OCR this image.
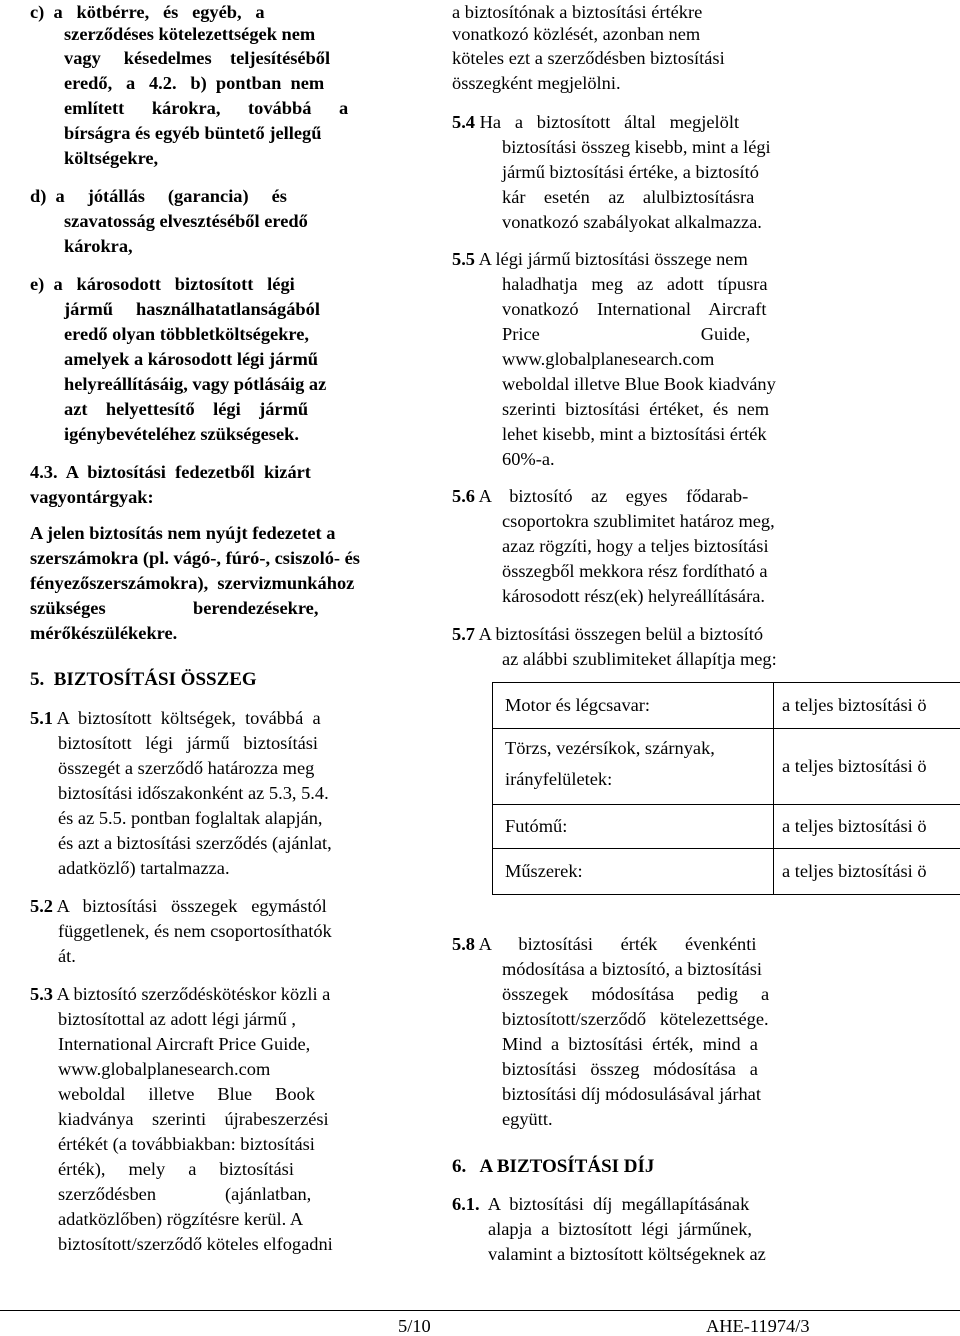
c)  a   kötbérre,   és   egyéb,   a
szerződéses kötelezettségek nem
vagy     késedelmes    teljesítéséből
eredő,   a   4.2.   b)  pontban  nem
említett      károkra,      továbbá      a
bírságra és egyéb büntető jellegű
költségekre,
d)  a     jótállás     (garancia)     és
szavatosság elvesztéséből eredő
károkra,
e)  a   károsodott   biztosított   légi
jármű     használhatatlanságából
eredő olyan többletköltségekre,
amelyek a károsodott légi jármű
helyreállításáig, vagy pótlásáig az
azt    helyettesítő    légi    jármű
igénybevételéhez szükségesek.
4.3.  A  biztosítási  fedezetből  kizárt
vagyontárgyak:
A jelen biztosítás nem nyújt fedezetet a
szerszámokra (pl. vágó-, fúró-, csiszoló- és
fényezőszerszámokra),  szervizmunkához
szükséges                   berendezésekre,
mérőkészülékekre.
5.  BIZTOSÍTÁSI ÖSSZEG
5.1 A  biztosított  költségek,  továbbá  a
biztosított   légi   jármű   biztosítási
összegét a szerződő határozza meg
biztosítási időszakonként az 5.3, 5.4.
és az 5.5. pontban foglaltak alapján,
és azt a biztosítási szerződés (ajánlat,
adatközlő) tartalmazza.
5.2 A   biztosítási   összegek   egymástól
függetlenek, és nem csoportosíthatók
át.
5.3 A biztosító szerződéskötéskor közli a
biztosítottal az adott légi jármű ,
International Aircraft Price Guide,
www.globalplanesearch.com
weboldal     illetve     Blue     Book
kiadványa    szerinti    újrabeszerzési
értékét (a továbbiakban: biztosítási
érték),     mely     a     biztosítási
szerződésben               (ajánlatban,
adatközlőben) rögzítésre kerül. A
biztosított/szerződő köteles elfogadni
a biztosítónak a biztosítási értékre
vonatkozó közlését, azonban nem
köteles ezt a szerződésben biztosítási
összegként megjelölni.
5.4 Ha   a   biztosított   által   megjelölt
biztosítási összeg kisebb, mint a légi
jármű biztosítási értéke, a biztosító
kár    esetén    az    alulbiztosításra
vonatkozó szabályokat alkalmazza.
5.5 A légi jármű biztosítási összege nem
haladhatja   meg   az   adott   típusra
vonatkozó    International    Aircraft
Price                                   Guide,
www.globalplanesearch.com
weboldal illetve Blue Book kiadvány
szerinti  biztosítási  értéket,  és  nem
lehet kisebb, mint a biztosítási érték
60%-a.
5.6 A    biztosító    az    egyes    fődarab-
csoportokra szublimitet határoz meg,
azaz rögzíti, hogy a teljes biztosítási
összegből mekkora rész fordítható a
károsodott rész(ek) helyreállítására.
5.7 A biztosítási összegen belül a biztosító
az alábbi szublimiteket állapítja meg:
5.8 A      biztosítási      érték      évenkénti
módosítása a biztosító, a biztosítási
összegek     módosítása     pedig     a
biztosított/szerződő   kötelezettsége.
Mind  a  biztosítási  érték,  mind  a
biztosítási   összeg   módosítása   a
biztosítási díj módosulásával járhat
együtt.
6.   A BIZTOSÍTÁSI DÍJ
6.1.  A  biztosítási  díj  megállapításának
alapja  a  biztosított  légi  járműnek,
valamint a biztosított költségeknek az
Motor és légcsavar:	a teljes biztosítási ö

Törzs, vezérsíkok, szárnyak,
irányfelületek:	a teljes biztosítási ö
Futómű:	a teljes biztosítási ö
Műszerek:	a teljes biztosítási ö
5/10	AHE-11974/3
